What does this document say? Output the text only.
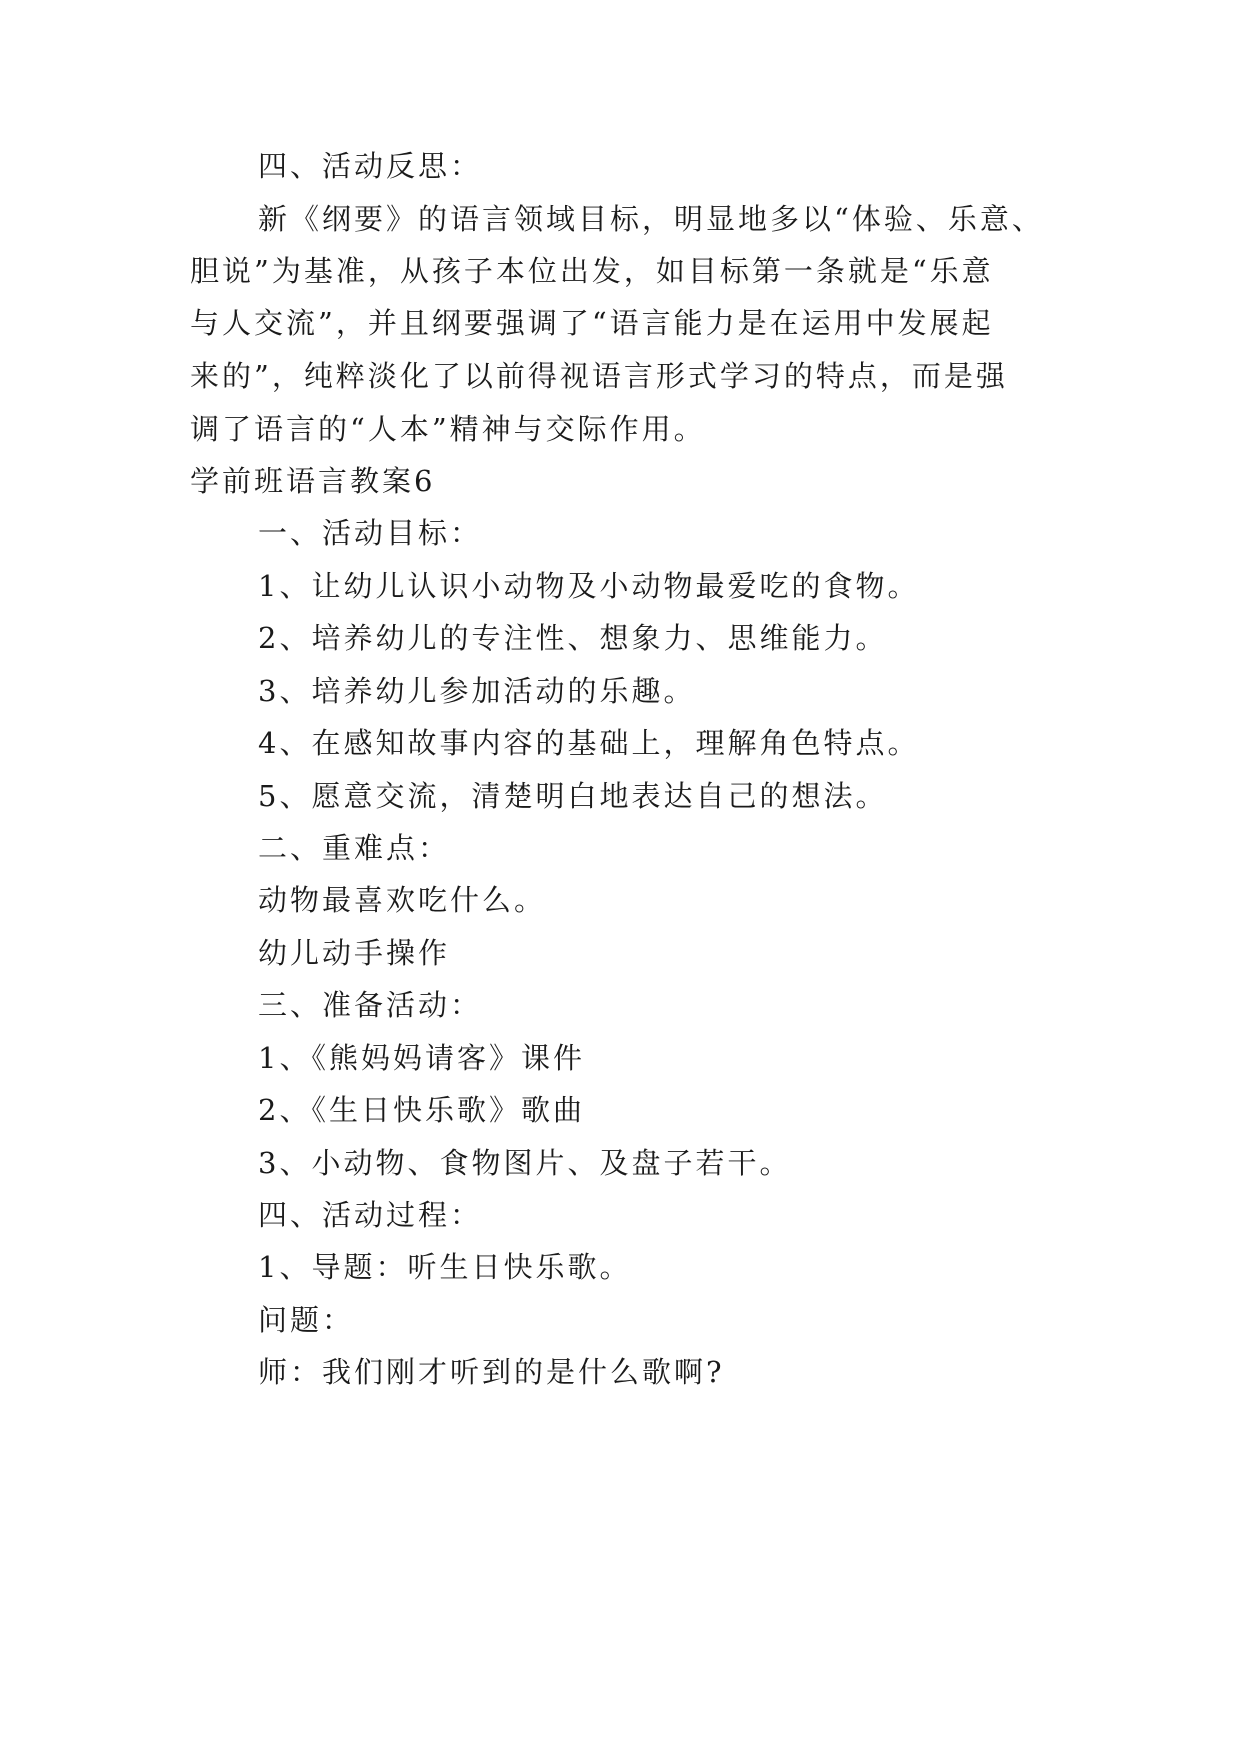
四、活动反思：
新《纲要》的语言领域目标，明显地多以“体验、乐意、
胆说”为基准，从孩子本位出发，如目标第一条就是“乐意
与人交流”，并且纲要强调了“语言能力是在运用中发展起
来的”，纯粹淡化了以前得视语言形式学习的特点，而是强
调了语言的“人本”精神与交际作用。
学前班语言教案6
一、活动目标：
1、让幼儿认识小动物及小动物最爱吃的食物。
2、培养幼儿的专注性、想象力、思维能力。
3、培养幼儿参加活动的乐趣。
4、在感知故事内容的基础上，理解角色特点。
5、愿意交流，清楚明白地表达自己的想法。
二、重难点：
动物最喜欢吃什么。
幼儿动手操作
三、准备活动：
1、《熊妈妈请客》课件
2、《生日快乐歌》歌曲
3、小动物、食物图片、及盘子若干。
四、活动过程：
1、导题：听生日快乐歌。
问题：
师：我们刚才听到的是什么歌啊?
